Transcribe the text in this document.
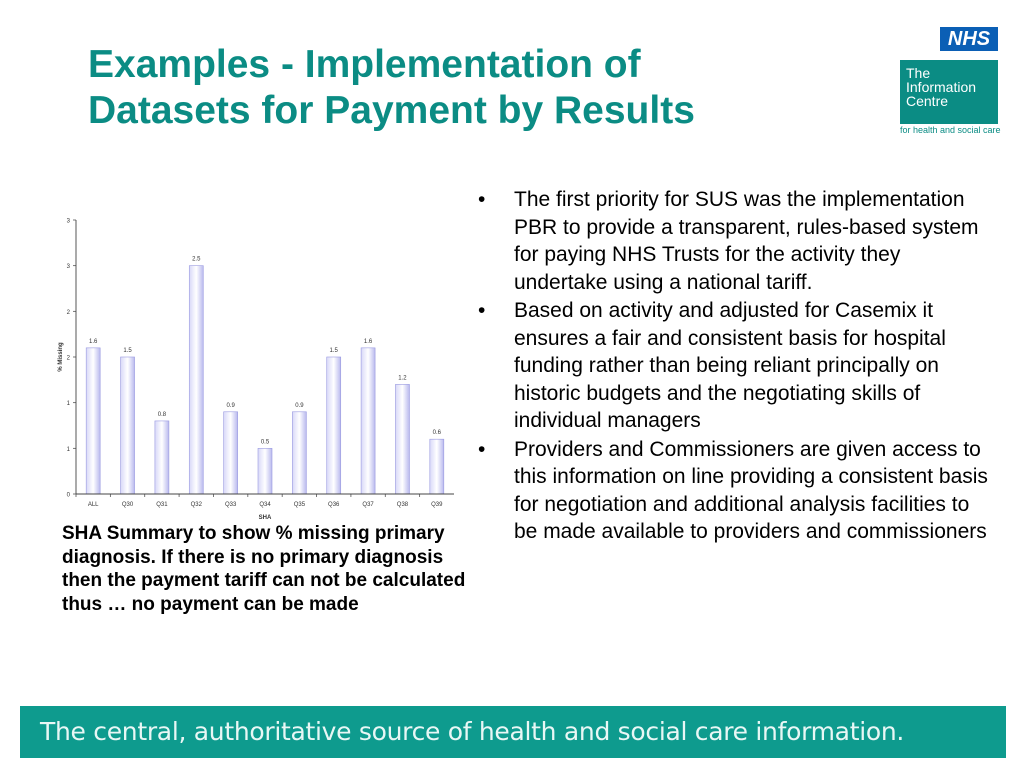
Examples - Implementation of
Datasets for Payment by Results
NHS
The
Information
Centre
for health and social care
0
1
1
2
2
3
3
1.6
1.5
0.8
2.5
0.9
0.5
0.9
1.5
1.6
1.2
0.6
ALL	Q30	Q31	Q32	Q33	Q34	Q35	Q36	Q37	Q38	Q39
% Missing
SHA
SHA Summary to show % missing primary diagnosis. If there is no primary diagnosis then the payment tariff can not be calculated thus … no payment can be made
• The first priority for SUS was the implementation PBR to provide a transparent, rules-based system for paying NHS Trusts for the activity they undertake using a national tariff.
• Based on activity and adjusted for Casemix it ensures a fair and consistent basis for hospital funding rather than being reliant principally on historic budgets and the negotiating skills of individual managers
• Providers and Commissioners are given access to this information on line providing a consistent basis for negotiation and additional analysis facilities to be made available to providers and commissioners
The central, authoritative source of health and social care information.
